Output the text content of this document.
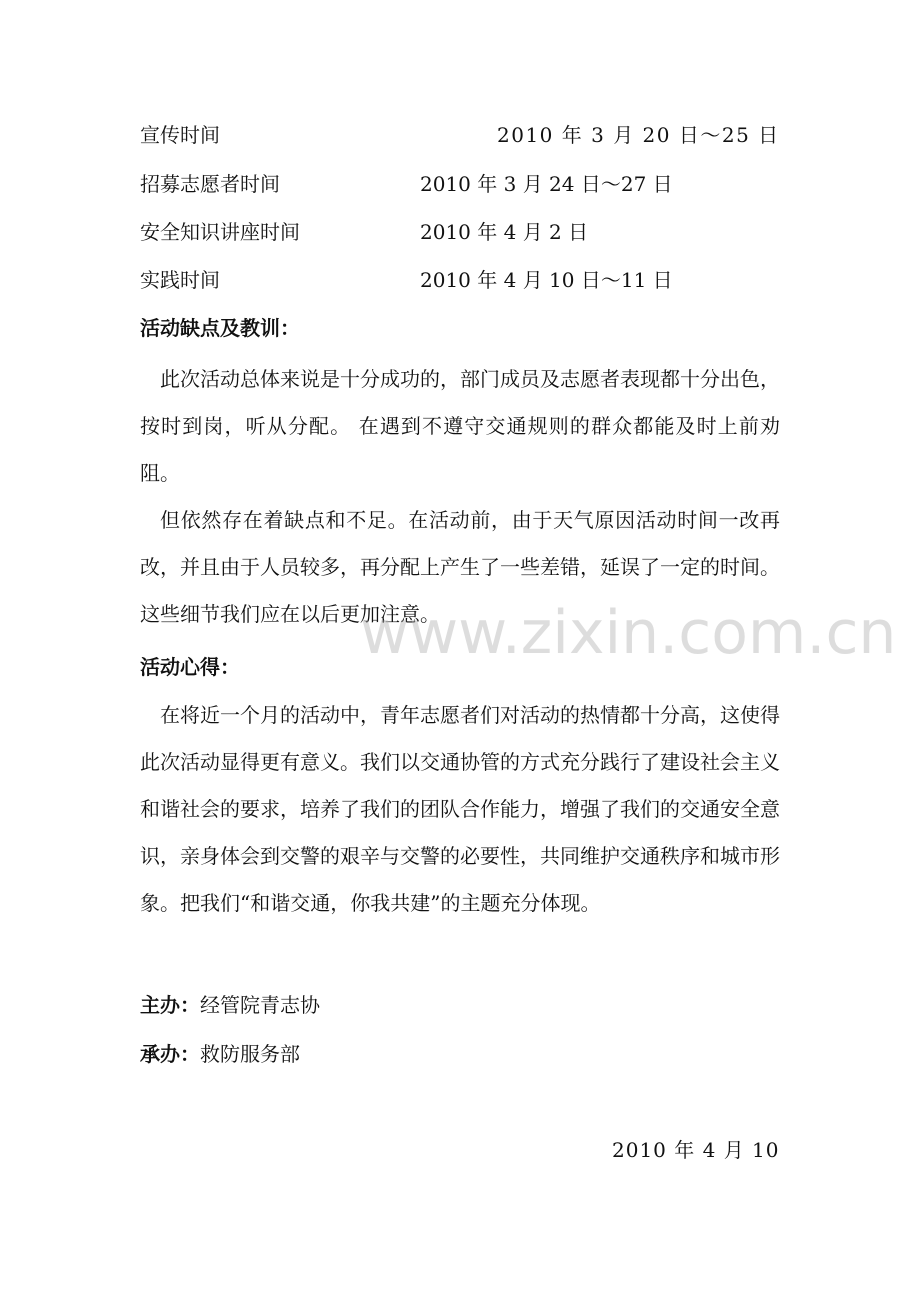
宣传时间	2010 年 3 月 20 日～25 日
招募志愿者时间	2010 年 3 月 24 日～27 日
安全知识讲座时间	2010 年 4 月 2 日
实践时间	2010 年 4 月 10 日～11 日
活动缺点及教训：

此次活动总体来说是十分成功的，部门成员及志愿者表现都十分出色，按时到岗，听从分配。 在遇到不遵守交通规则的群众都能及时上前劝阻。

但依然存在着缺点和不足。在活动前，由于天气原因活动时间一改再改，并且由于人员较多，再分配上产生了一些差错，延误了一定的时间。这些细节我们应在以后更加注意。

活动心得：

在将近一个月的活动中，青年志愿者们对活动的热情都十分高，这使得此次活动显得更有意义。我们以交通协管的方式充分践行了建设社会主义和谐社会的要求，培养了我们的团队合作能力，增强了我们的交通安全意识，亲身体会到交警的艰辛与交警的必要性，共同维护交通秩序和城市形象。把我们“和谐交通，你我共建”的主题充分体现。

主办：经管院青志协
承办：救防服务部
2010 年 4 月 10
www.zixin.com.cn
